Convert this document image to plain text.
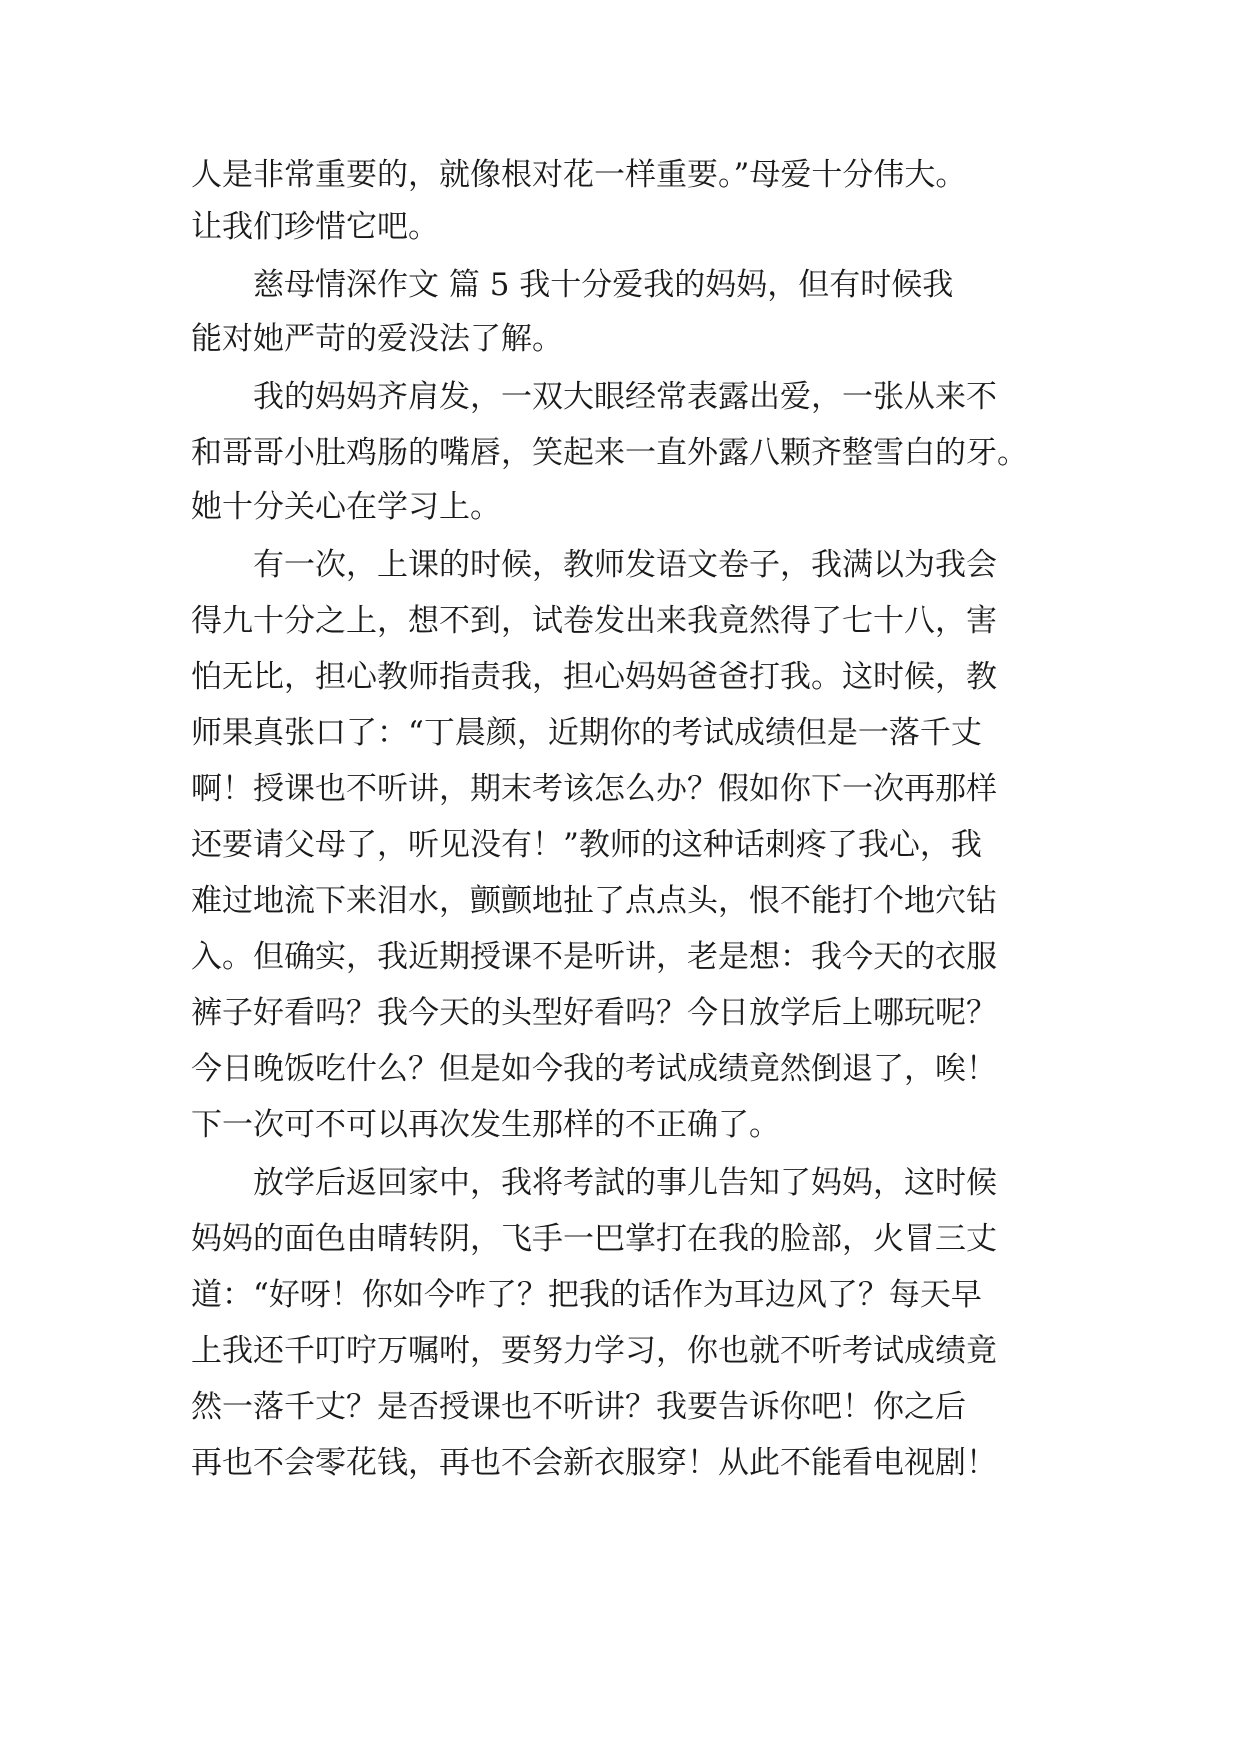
人是非常重要的，就像根对花一样重要。”母爱十分伟大。
让我们珍惜它吧。
慈母情深作文 篇 5 我十分爱我的妈妈，但有时候我
能对她严苛的爱没法了解。
我的妈妈齐肩发，一双大眼经常表露出爱，一张从来不
和哥哥小肚鸡肠的嘴唇，笑起来一直外露八颗齐整雪白的牙。
她十分关心在学习上。
有一次，上课的时候，教师发语文卷子，我满以为我会
得九十分之上，想不到，试卷发出来我竟然得了七十八，害
怕无比，担心教师指责我，担心妈妈爸爸打我。这时候，教
师果真张口了：“丁晨颜，近期你的考试成绩但是一落千丈
啊！授课也不听讲，期末考该怎么办？假如你下一次再那样
还要请父母了，听见没有！”教师的这种话刺疼了我心，我
难过地流下来泪水，颤颤地扯了点点头，恨不能打个地穴钻
入。但确实，我近期授课不是听讲，老是想：我今天的衣服
裤子好看吗？我今天的头型好看吗？今日放学后上哪玩呢？
今日晚饭吃什么？但是如今我的考试成绩竟然倒退了，唉！
下一次可不可以再次发生那样的不正确了。
放学后返回家中，我将考試的事儿告知了妈妈，这时候
妈妈的面色由晴转阴，飞手一巴掌打在我的脸部，火冒三丈
道：“好呀！你如今咋了？把我的话作为耳边风了？每天早
上我还千叮咛万嘱咐，要努力学习，你也就不听考试成绩竟
然一落千丈？是否授课也不听讲？我要告诉你吧！你之后
再也不会零花钱，再也不会新衣服穿！从此不能看电视剧！
